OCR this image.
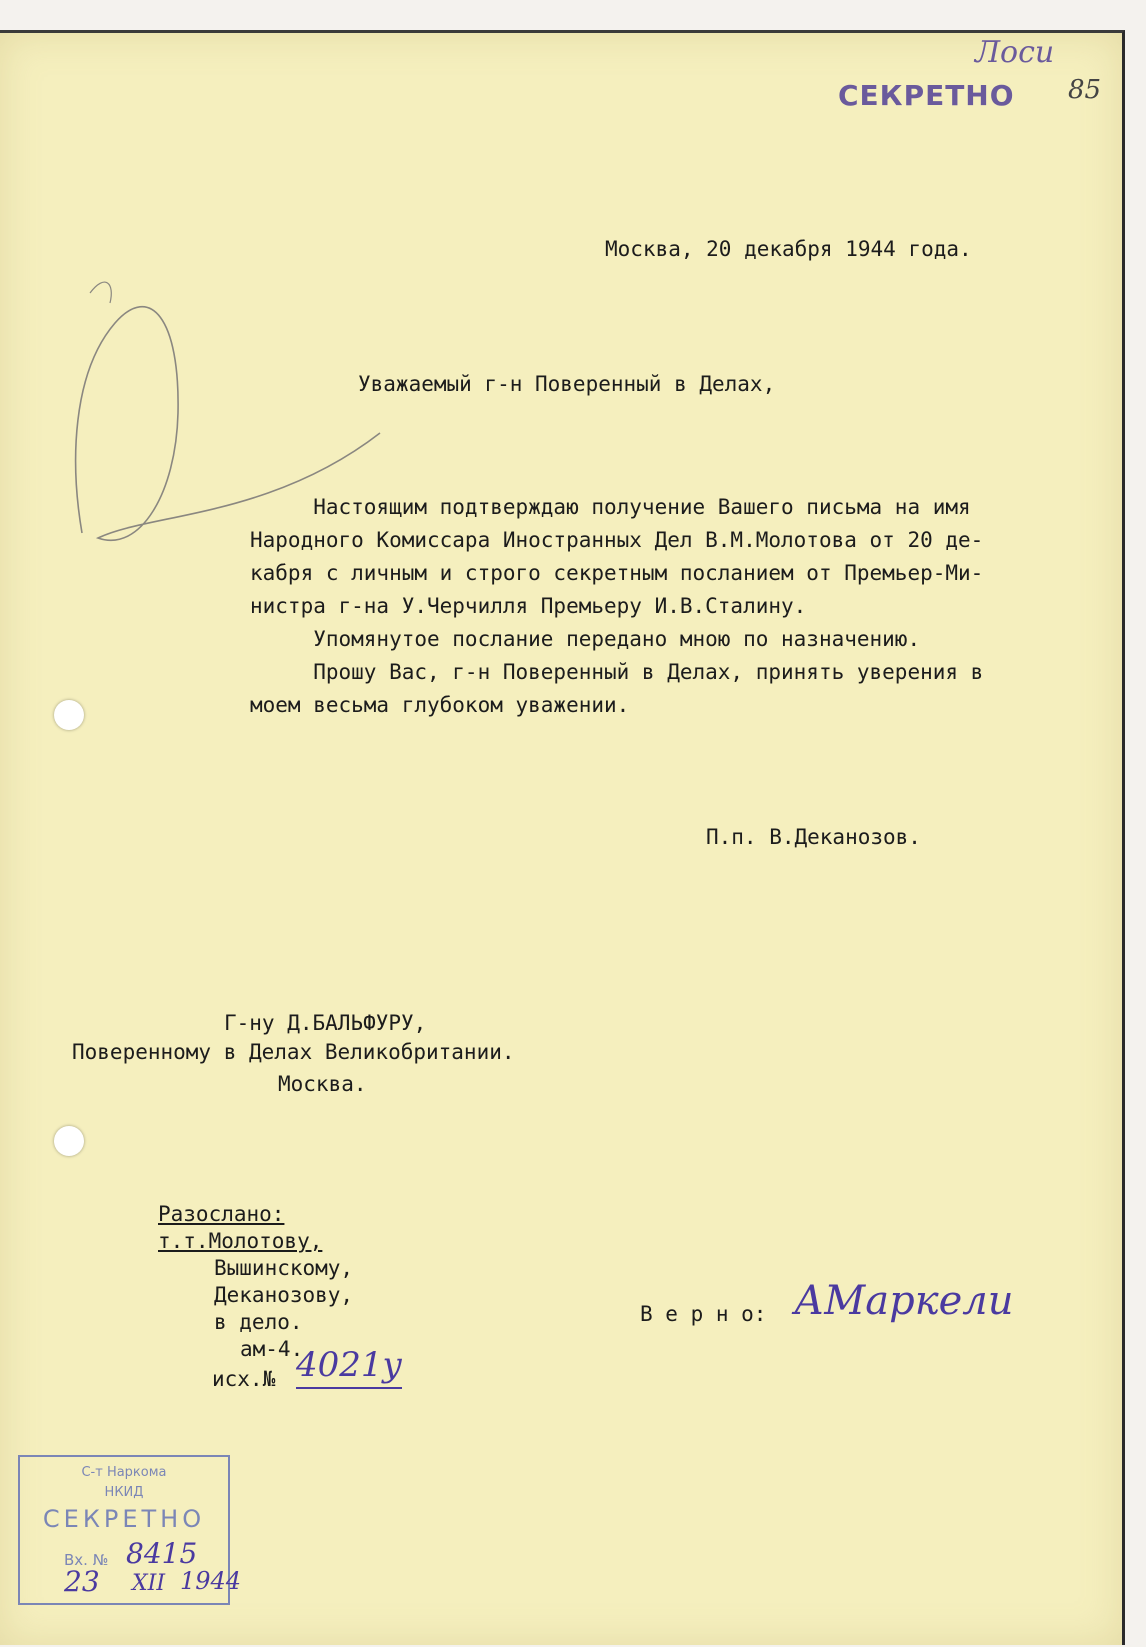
Лоси
СЕКРЕТНО 85
Москва, 20 декабря 1944 года.
Уважаемый г-н Поверенный в Делах,
Настоящим подтверждаю получение Вашего письма на имя
Народного Комиссара Иностранных Дел В.М.Молотова от 20 де-
кабря с личным и строго секретным посланием от Премьер-Ми-
нистра г-на У.Черчилля Премьеру И.В.Сталину.
Упомянутое послание передано мною по назначению.
Прошу Вас, г-н Поверенный в Делах, принять уверения в
моем весьма глубоком уважении.
П.п. В.Деканозов.
Г-ну Д.БАЛЬФУРУ,
Поверенному в Делах Великобритании.
Москва.
Разослано:
т.т.Молотову,
Вышинскому,
Деканозову,
в дело.
ам-4.
исх.№ 4021у
В е р н о: АМаркели
С-т Наркома
НКИД
СЕКРЕТНО
Вх. № 8415
23 XII 1944
